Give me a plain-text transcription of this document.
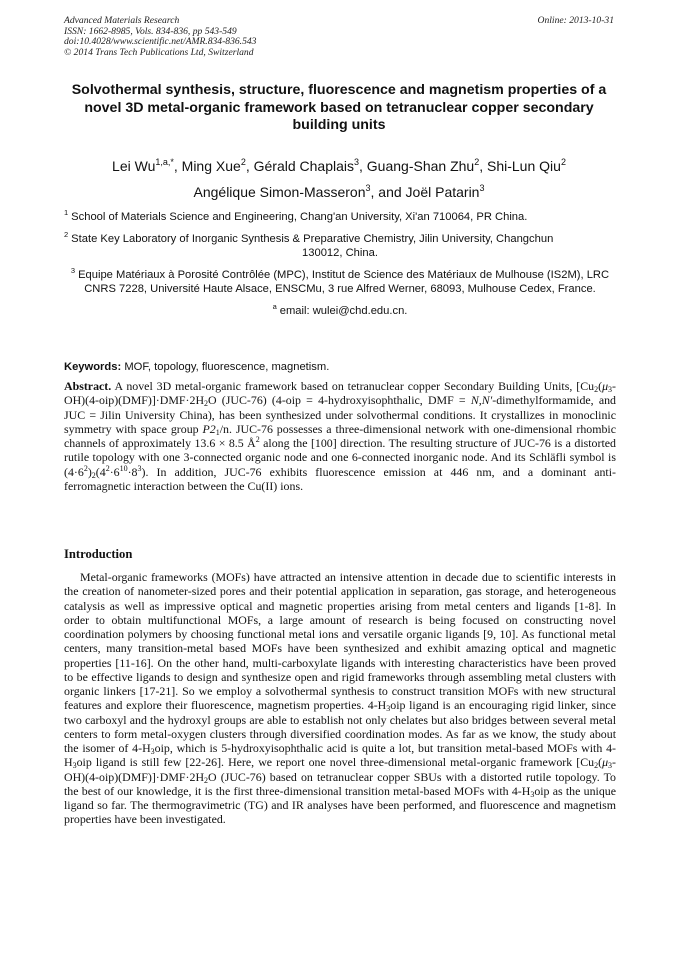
Advanced Materials Research
ISSN: 1662-8985, Vols. 834-836, pp 543-549
doi:10.4028/www.scientific.net/AMR.834-836.543
© 2014 Trans Tech Publications Ltd, Switzerland
Online: 2013-10-31
Solvothermal synthesis, structure, fluorescence and magnetism properties of a novel 3D metal-organic framework based on tetranuclear copper secondary building units
Lei $Wu^{1,a,*}$, Ming Xue$^2$, Gérald Chaplais$^3$, Guang-Shan Zhu$^2$, Shi-Lun Qiu$^2$
Angélique Simon-Masseron$^3$, and Joël Patarin$^3$
$^1$ School of Materials Science and Engineering, Chang'an University, Xi'an 710064, PR China.
$^2$ State Key Laboratory of Inorganic Synthesis & Preparative Chemistry, Jilin University, Changchun
130012, China.
$^3$ Equipe Matériaux à Porosité Contrôlée (MPC), Institut de Science des Matériaux de Mulhouse (IS2M), LRC CNRS 7228, Université Haute Alsace, ENSCMu, 3 rue Alfred Werner, 68093, Mulhouse Cedex, France.
$^a$ email: wulei@chd.edu.cn.
Keywords: MOF, topology, fluorescence, magnetism.
Abstract. A novel 3D metal-organic framework based on tetranuclear copper Secondary Building Units, $[Cu_2(\mu_3-OH)(4-oip)(DMF)]\cdot DMF\cdot 2H_2O$ (JUC-76) (4-oip = 4-hydroxyisophthalic, DMF = N,N′-dimethylformamide, and JUC = Jilin University China), has been synthesized under solvothermal conditions. It crystallizes in monoclinic symmetry with space group $P2_1/n$. JUC-76 possesses a three-dimensional network with one-dimensional rhombic channels of approximately 13.6 × 8.5 $Å^2$ along the [100] direction. The resulting structure of JUC-76 is a distorted rutile topology with one 3-connected organic node and one 6-connected inorganic node. And its Schläfli symbol is $(4\cdot 6^2)_2(4^2\cdot 6^{10}\cdot 8^3)$. In addition, JUC-76 exhibits fluorescence emission at 446 nm, and a dominant anti-ferromagnetic interaction between the Cu(II) ions.
Introduction
Metal-organic frameworks (MOFs) have attracted an intensive attention in decade due to scientific interests in the creation of nanometer-sized pores and their potential application in separation, gas storage, and heterogeneous catalysis as well as impressive optical and magnetic properties arising from metal centers and ligands [1-8]. In order to obtain multifunctional MOFs, a large amount of research is being focused on constructing novel coordination polymers by choosing functional metal ions and versatile organic ligands [9, 10]. As functional metal centers, many transition-metal based MOFs have been synthesized and exhibit amazing optical and magnetic properties [11-16]. On the other hand, multi-carboxylate ligands with interesting characteristics have been proved to be effective ligands to design and synthesize open and rigid frameworks through assembling metal clusters with organic linkers [17-21]. So we employ a solvothermal synthesis to construct transition MOFs with new structural features and explore their fluorescence, magnetism properties. $4-H_3oip$ ligand is an encouraging rigid linker, since two carboxyl and the hydroxyl groups are able to establish not only chelates but also bridges between several metal centers to form metal-oxygen clusters through diversified coordination modes. As far as we know, the study about the isomer of $4-H_3oip$, which is 5-hydroxyisophthalic acid is quite a lot, but transition metal-based MOFs with $4-H_3oip$ ligand is still few [22-26]. Here, we report one novel three-dimensional metal-organic framework $[Cu_2(\mu_3-OH)(4-oip)(DMF)]\cdot DMF\cdot 2H_2O$ (JUC-76) based on tetranuclear copper SBUs with a distorted rutile topology. To the best of our knowledge, it is the first three-dimensional transition metal-based MOFs with $4-H_3oip$ as the unique ligand so far. The thermogravimetric (TG) and IR analyses have been performed, and fluorescence and magnetism properties have been investigated.
